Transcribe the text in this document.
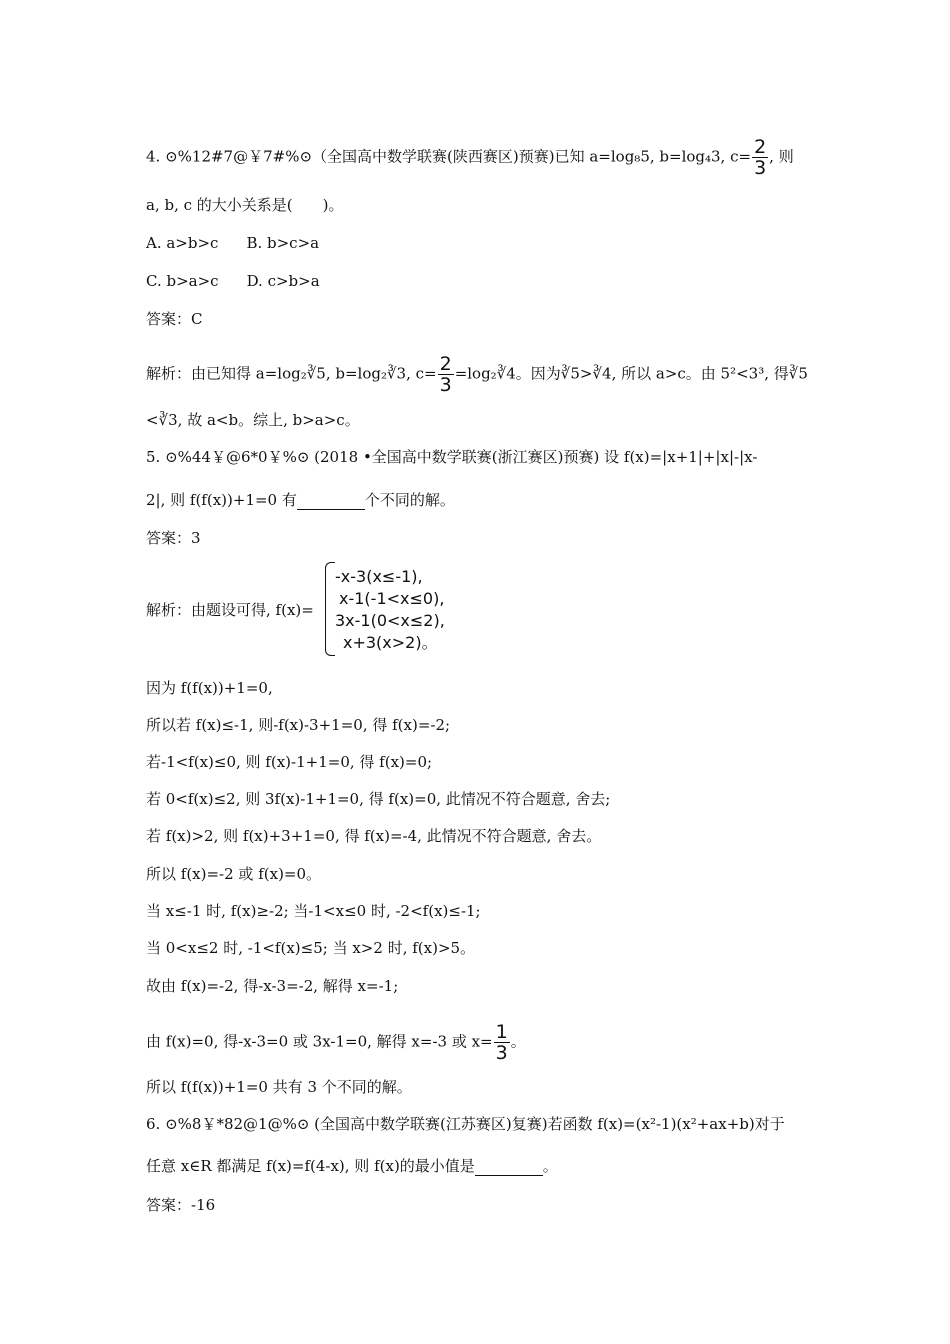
4. ⊙%12#7@￥7#%⊙（全国高中数学联赛(陕西赛区)预赛)已知 a=log₈5, b=log₄3, $c= \frac{2}{3}$ , 则
a, b, c 的大小关系是(　　)。
A. a>b>c B. b>c>a
C. b>a>c D. c>b>a
答案：C
解析：由已知得 a=log₂∛5, b=log₂∛3, $c= \frac{2}{3}$ =log₂∛4。因为∛5>∛4, 所以 a>c。由 5²<3³, 得∛5
<∛3, 故 a<b。综上, b>a>c。
5. ⊙%44￥@6*0￥%⊙ (2018 •全国高中数学联赛(浙江赛区)预赛) 设 f(x)=|x+1|+|x|-|x-
2|, 则 f(f(x))+1=0 有	个不同的解。
答案：3
解析：由题设可得, f(x)=
-x-3(x≤-1),
x-1(-1<x≤0),
3x-1(0<x≤2),
x+3(x>2)。
因为 f(f(x))+1=0,
所以若 f(x)≤-1, 则-f(x)-3+1=0, 得 f(x)=-2;
若-1<f(x)≤0, 则 f(x)-1+1=0, 得 f(x)=0;
若 0<f(x)≤2, 则 3f(x)-1+1=0, 得 f(x)=0, 此情况不符合题意, 舍去;
若 f(x)>2, 则 f(x)+3+1=0, 得 f(x)=-4, 此情况不符合题意, 舍去。
所以 f(x)=-2 或 f(x)=0。
当 x≤-1 时, f(x)≥-2; 当-1<x≤0 时, -2<f(x)≤-1;
当 0<x≤2 时, -1<f(x)≤5; 当 x>2 时, f(x)>5。
故由 f(x)=-2, 得-x-3=-2, 解得 x=-1;
由 f(x)=0, 得-x-3=0 或 3x-1=0, 解得 x=-3 或 $x= \frac{1}{3}$ 。
所以 f(f(x))+1=0 共有 3 个不同的解。
6. ⊙%8￥*82@1@%⊙ (全国高中数学联赛(江苏赛区)复赛)若函数 f(x)=(x²-1)(x²+ax+b)对于
任意 x∈R 都满足 f(x)=f(4-x), 则 f(x)的最小值是	。
答案：-16
